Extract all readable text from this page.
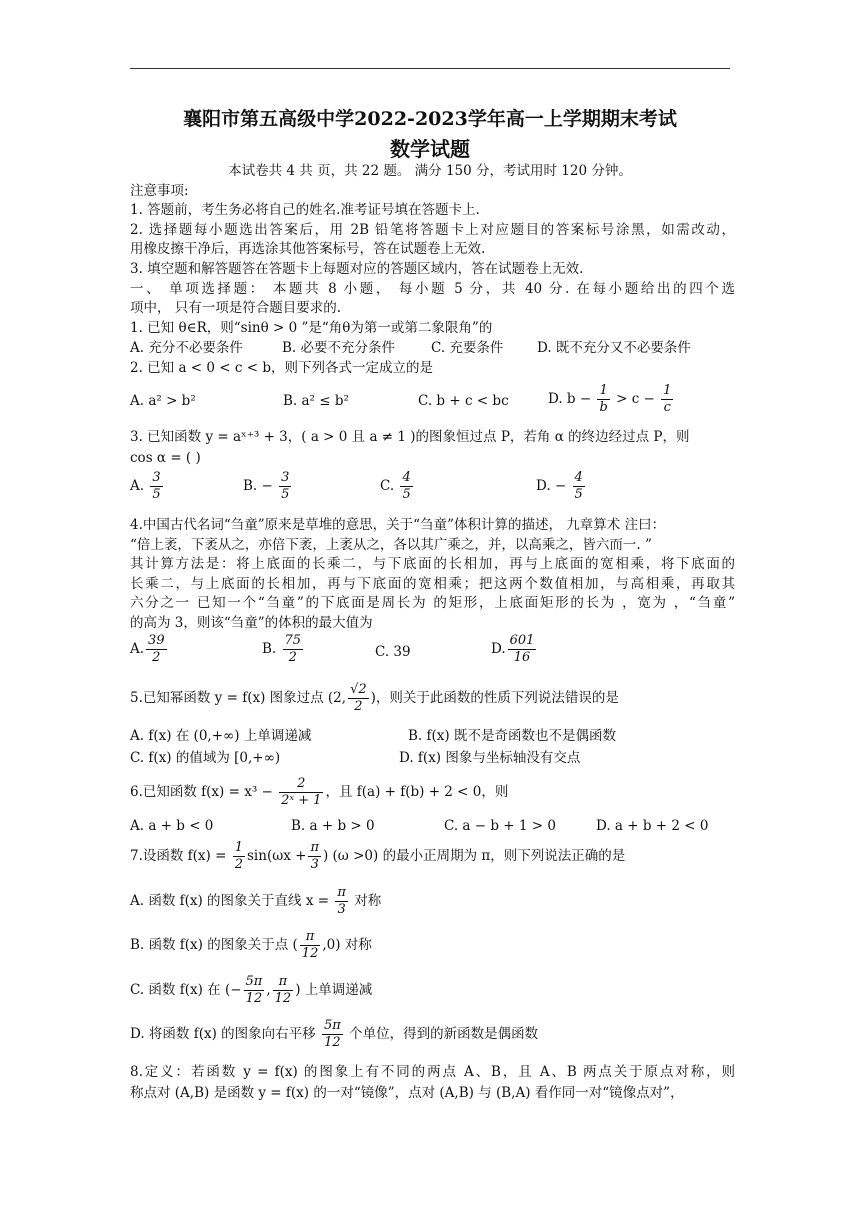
襄阳市第五高级中学2022-2023学年高一上学期期末考试
数学试题
本试卷共 4 共 页，共 22 题。 满分 150 分，考试用时 120 分钟。
注意事项:
1. 答题前，考生务必将自己的姓名.准考证号填在答题卡上.
2. 选择题每小题选出答案后，用 2B 铅笔将答题卡上对应题目的答案标号涂黑，如需改动，
用橡皮擦干净后，再选涂其他答案标号，答在试题卷上无效.
3. 填空题和解答题答在答题卡上每题对应的答题区域内，答在试题卷上无效.
一、 单项选择题： 本题共 8 小题， 每小题 5 分，共 40 分. 在每小题给出的四个选
项中， 只有一项是符合题目要求的.
1. 已知 θ∈R，则“sinθ > 0 ”是“角θ为第一或第二象限角”的
A. 充分不必要条件	B. 必要不充分条件	C. 充要条件 D. 既不充分又不必要条件
2. 已知 a < 0 < c < b，则下列各式一定成立的是
A. a² > b²	B. a² ≤ b²	C. b + c < bc	D. $b - \frac{1}{b} > c - \frac{1}{c}$
3. 已知函数 y = aˣ⁺³ + 3，( a > 0 且 a ≠ 1 )的图象恒过点 P，若角 α 的终边经过点 P，则
cos α = ( )
A. $\frac{3}{5}$	B. − $\frac{3}{5}$	C. $\frac{4}{5}$	D. − $\frac{4}{5}$
4.中国古代名词“刍童”原来是草堆的意思，关于“刍童”体积计算的描述， 九章算术 注曰：
“倍上袤，下袤从之，亦倍下袤，上袤从之，各以其广乘之，并，以高乘之，皆六而一. ”
其计算方法是：将上底面的长乘二，与下底面的长相加，再与上底面的宽相乘，将下底面的
长乘二，与上底面的长相加，再与下底面的宽相乘；把这两个数值相加，与高相乘，再取其
六分之一 已知一个“刍童”的下底面是周长为 的矩形，上底面矩形的长为 ，宽为 ，“刍童”
的高为 3，则该“刍童”的体积的最大值为
A. $\frac{39}{2}$	B. $\frac{75}{2}$	C. 39	D. $\frac{601}{16}$
5.已知幂函数 y = f(x) 图象过点 (2, $\frac{√2}{2}$ )，则关于此函数的性质下列说法错误的是
A. f(x) 在 (0,+∞) 上单调递减	B. f(x) 既不是奇函数也不是偶函数
C. f(x) 的值域为 [0,+∞)	D. f(x) 图象与坐标轴没有交点
6.已知函数 $f(x) = x^3 - \frac{2}{\text{2ˣ + 1}}$ ，且 f(a) + f(b) + 2 < 0，则
A. a + b < 0	B. a + b > 0	C. a − b + 1 > 0	D. a + b + 2 < 0
7.设函数 $f(x) = \frac{1}{2} \sin(\omega x + \frac{\pi}{3}$ ) (ω >0) 的最小正周期为 π，则下列说法正确的是
A. 函数 f(x) 的图象关于直线 $x = \frac{\pi}{3}$ 对称
B. 函数 f(x) 的图象关于点 ( $\frac{\pi}{12} ,0$) 对称
C. 函数 f(x) 在 (− $\frac{5\pi}{12}$ , $\frac{\pi}{12}$ ) 上单调递减
D. 将函数 f(x) 的图象向右平移 $\frac{5\pi}{12}$ 个单位，得到的新函数是偶函数
8.定义：若函数 y = f(x) 的图象上有不同的两点 A、B，且 A、B 两点关于原点对称，则
称点对 (A,B) 是函数 y = f(x) 的一对“镜像”，点对 (A,B) 与 (B,A) 看作同一对“镜像点对”，
